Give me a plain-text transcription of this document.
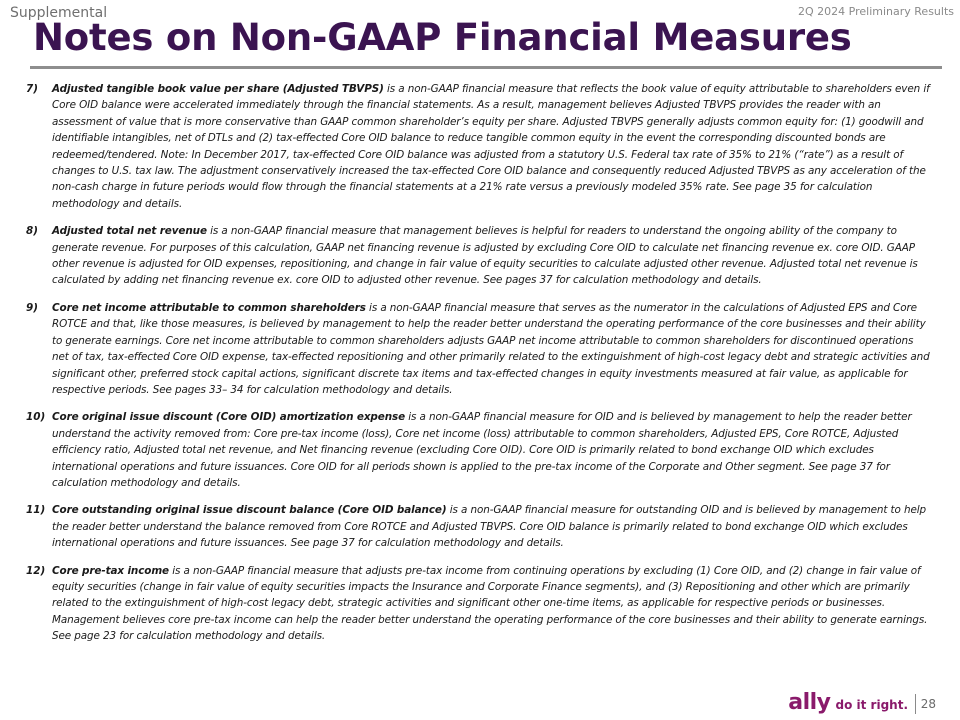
Supplemental	2Q 2024 Preliminary Results
Notes on Non-GAAP Financial Measures
7)	Adjusted tangible book value per share (Adjusted TBVPS) is a non-GAAP financial measure that reflects the book value of equity attributable to shareholders even if Core OID balance were accelerated immediately through the financial statements. As a result, management believes Adjusted TBVPS provides the reader with an assessment of value that is more conservative than GAAP common shareholder’s equity per share. Adjusted TBVPS generally adjusts common equity for: (1) goodwill and identifiable intangibles, net of DTLs and (2) tax-effected Core OID balance to reduce tangible common equity in the event the corresponding discounted bonds are redeemed/tendered. Note: In December 2017, tax-effected Core OID balance was adjusted from a statutory U.S. Federal tax rate of 35% to 21% (“rate”) as a result of changes to U.S. tax law. The adjustment conservatively increased the tax-effected Core OID balance and consequently reduced Adjusted TBVPS as any acceleration of the non-cash charge in future periods would flow through the financial statements at a 21% rate versus a previously modeled 35% rate. See page 35 for calculation methodology and details.
8)	Adjusted total net revenue is a non-GAAP financial measure that management believes is helpful for readers to understand the ongoing ability of the company to generate revenue. For purposes of this calculation, GAAP net financing revenue is adjusted by excluding Core OID to calculate net financing revenue ex. core OID. GAAP other revenue is adjusted for OID expenses, repositioning, and change in fair value of equity securities to calculate adjusted other revenue. Adjusted total net revenue is calculated by adding net financing revenue ex. core OID to adjusted other revenue. See pages 37 for calculation methodology and details.
9)	Core net income attributable to common shareholders is a non-GAAP financial measure that serves as the numerator in the calculations of Adjusted EPS and Core ROTCE and that, like those measures, is believed by management to help the reader better understand the operating performance of the core businesses and their ability to generate earnings. Core net income attributable to common shareholders adjusts GAAP net income attributable to common shareholders for discontinued operations net of tax, tax-effected Core OID expense, tax-effected repositioning and other primarily related to the extinguishment of high-cost legacy debt and strategic activities and significant other, preferred stock capital actions, significant discrete tax items and tax-effected changes in equity investments measured at fair value, as applicable for respective periods. See pages 33– 34 for calculation methodology and details.
10) Core original issue discount (Core OID) amortization expense is a non-GAAP financial measure for OID and is believed by management to help the reader better understand the activity removed from: Core pre-tax income (loss), Core net income (loss) attributable to common shareholders, Adjusted EPS, Core ROTCE, Adjusted efficiency ratio, Adjusted total net revenue, and Net financing revenue (excluding Core OID). Core OID is primarily related to bond exchange OID which excludes international operations and future issuances. Core OID for all periods shown is applied to the pre-tax income of the Corporate and Other segment. See page 37 for calculation methodology and details.
11) Core outstanding original issue discount balance (Core OID balance) is a non-GAAP financial measure for outstanding OID and is believed by management to help the reader better understand the balance removed from Core ROTCE and Adjusted TBVPS. Core OID balance is primarily related to bond exchange OID which excludes international operations and future issuances. See page 37 for calculation methodology and details.
12) Core pre-tax income is a non-GAAP financial measure that adjusts pre-tax income from continuing operations by excluding (1) Core OID, and (2) change in fair value of equity securities (change in fair value of equity securities impacts the Insurance and Corporate Finance segments), and (3) Repositioning and other which are primarily related to the extinguishment of high-cost legacy debt, strategic activities and significant other one-time items, as applicable for respective periods or businesses. Management believes core pre-tax income can help the reader better understand the operating performance of the core businesses and their ability to generate earnings. See page 23 for calculation methodology and details.
ally do it right. 28
